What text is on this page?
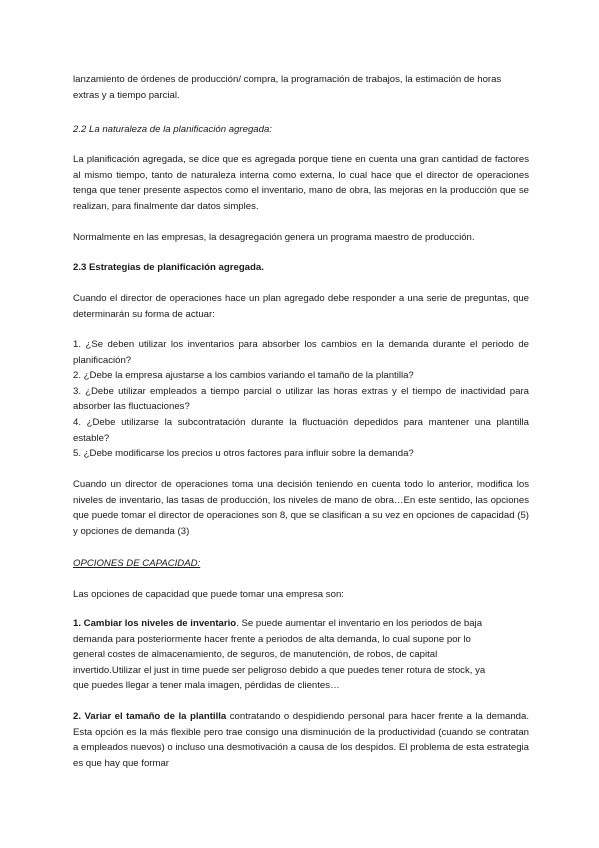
lanzamiento de órdenes de producción/ compra, la programación de trabajos, la estimación de horas extras y a tiempo parcial.

2.2 La naturaleza de la planificación agregada:

La planificación agregada, se dice que es agregada porque tiene en cuenta una gran cantidad de factores al mismo tiempo, tanto de naturaleza interna como externa, lo cual hace que el director de operaciones tenga que tener presente aspectos como el inventario, mano de obra, las mejoras en la producción que se realizan, para finalmente dar datos simples.

Normalmente en las empresas, la desagregación genera un programa maestro de producción.

2.3 Estrategias de planificación agregada.

Cuando el director de operaciones hace un plan agregado debe responder a una serie de preguntas, que determinarán su forma de actuar:

1. ¿Se deben utilizar los inventarios para absorber los cambios en la demanda durante el periodo de planificación?
2. ¿Debe la empresa ajustarse a los cambios variando el tamaño de la plantilla?
3. ¿Debe utilizar empleados a tiempo parcial o utilizar las horas extras y el tiempo de inactividad para absorber las fluctuaciones?
4. ¿Debe utilizarse la subcontratación durante la fluctuación depedidos para mantener una plantilla estable?
5. ¿Debe modificarse los precios u otros factores para influir sobre la demanda?

Cuando un director de operaciones toma una decisión teniendo en cuenta todo lo anterior, modifica los niveles de inventario, las tasas de producción, los niveles de mano de obra…En este sentido, las opciones que puede tomar el director de operaciones son 8, que se clasifican a su vez en opciones de capacidad (5) y opciones de demanda (3)

OPCIONES DE CAPACIDAD:

Las opciones de capacidad que puede tomar una empresa son:

1. Cambiar los niveles de inventario. Se puede aumentar el inventario en los periodos de baja
demanda para posteriormente hacer frente a periodos de alta demanda, lo cual supone por lo
general costes de almacenamiento, de seguros, de manutención, de robos, de capital
invertido.Utilizar el just in time puede ser peligroso debido a que puedes tener rotura de stock, ya
que puedes llegar a tener mala imagen, pérdidas de clientes…

2. Variar el tamaño de la plantilla contratando o despidiendo personal para hacer frente a la demanda. Esta opción es la más flexible pero trae consigo una disminución de la productividad (cuando se contratan a empleados nuevos) o incluso una desmotivación a causa de los despidos. El problema de esta estrategia es que hay que formar
